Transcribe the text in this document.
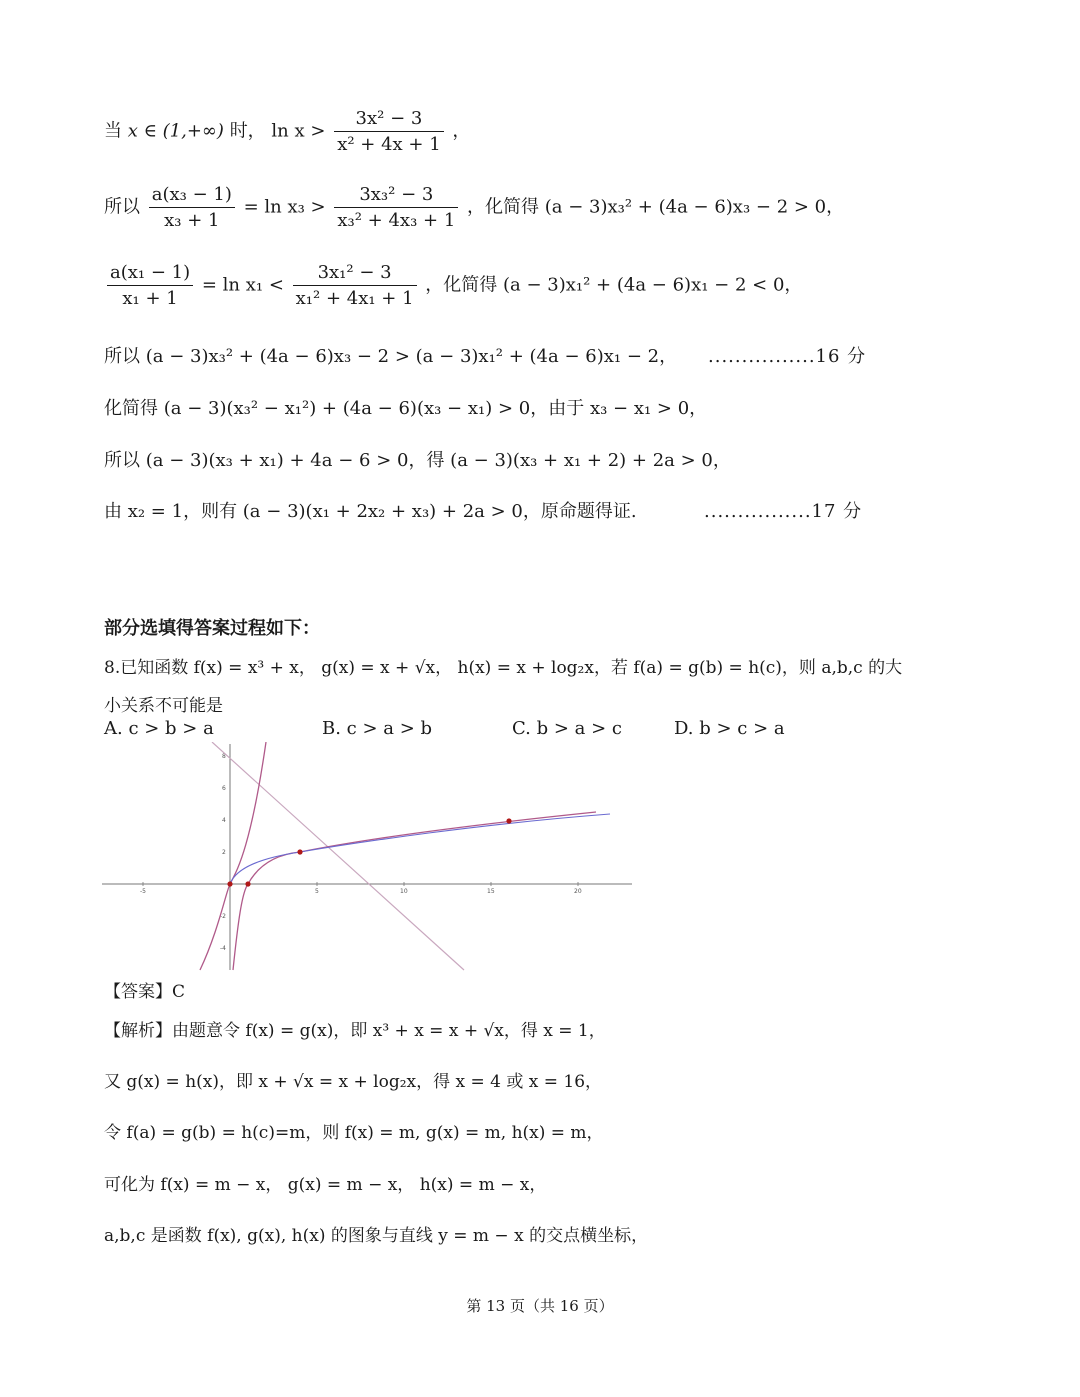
当 x ∈ (1,+∞) 时， $\ln x > \frac{\text{3x² − 3}}{\text{x² + 4x + 1}}$ ，
所以 $\frac{\text{a(x₃ − 1)}}{\text{x₃ + 1}} = \ln x_3 > \frac{\text{3x₃² − 3}}{\text{x₃² + 4x₃ + 1}}$ ，化简得 (a − 3)x₃² + (4a − 6)x₃ − 2 > 0，
$\frac{\text{a(x₁ − 1)}}{\text{x₁ + 1}} = \ln x_1 < \frac{\text{3x₁² − 3}}{\text{x₁² + 4x₁ + 1}}$ ，化简得 (a − 3)x₁² + (4a − 6)x₁ − 2 < 0，
所以 (a − 3)x₃² + (4a − 6)x₃ − 2 > (a − 3)x₁² + (4a − 6)x₁ − 2， ................16 分
化简得 (a − 3)(x₃² − x₁²) + (4a − 6)(x₃ − x₁) > 0，由于 x₃ − x₁ > 0，
所以 (a − 3)(x₃ + x₁) + 4a − 6 > 0，得 (a − 3)(x₃ + x₁ + 2) + 2a > 0，
由 x₂ = 1，则有 (a − 3)(x₁ + 2x₂ + x₃) + 2a > 0，原命题得证.	................17 分
部分选填得答案过程如下：
8.已知函数 f(x) = x³ + x， g(x) = x + √x， h(x) = x + log₂x，若 f(a) = g(b) = h(c)，则 a,b,c 的大
小关系不可能是
A. c > b > a	B. c > a > b	C. b > a > c	D. b > c > a
-5	5	10	15	20
8
6
4
2
-2
-4
【答案】C
【解析】由题意令 f(x) = g(x)，即 x³ + x = x + √x，得 x = 1，
又 g(x) = h(x)，即 x + √x = x + log₂x，得 x = 4 或 x = 16，
令 f(a) = g(b) = h(c)=m，则 f(x) = m, g(x) = m, h(x) = m，
可化为 f(x) = m − x， g(x) = m − x， h(x) = m − x，
a,b,c 是函数 f(x), g(x), h(x) 的图象与直线 y = m − x 的交点横坐标，
第 13 页（共 16 页）
